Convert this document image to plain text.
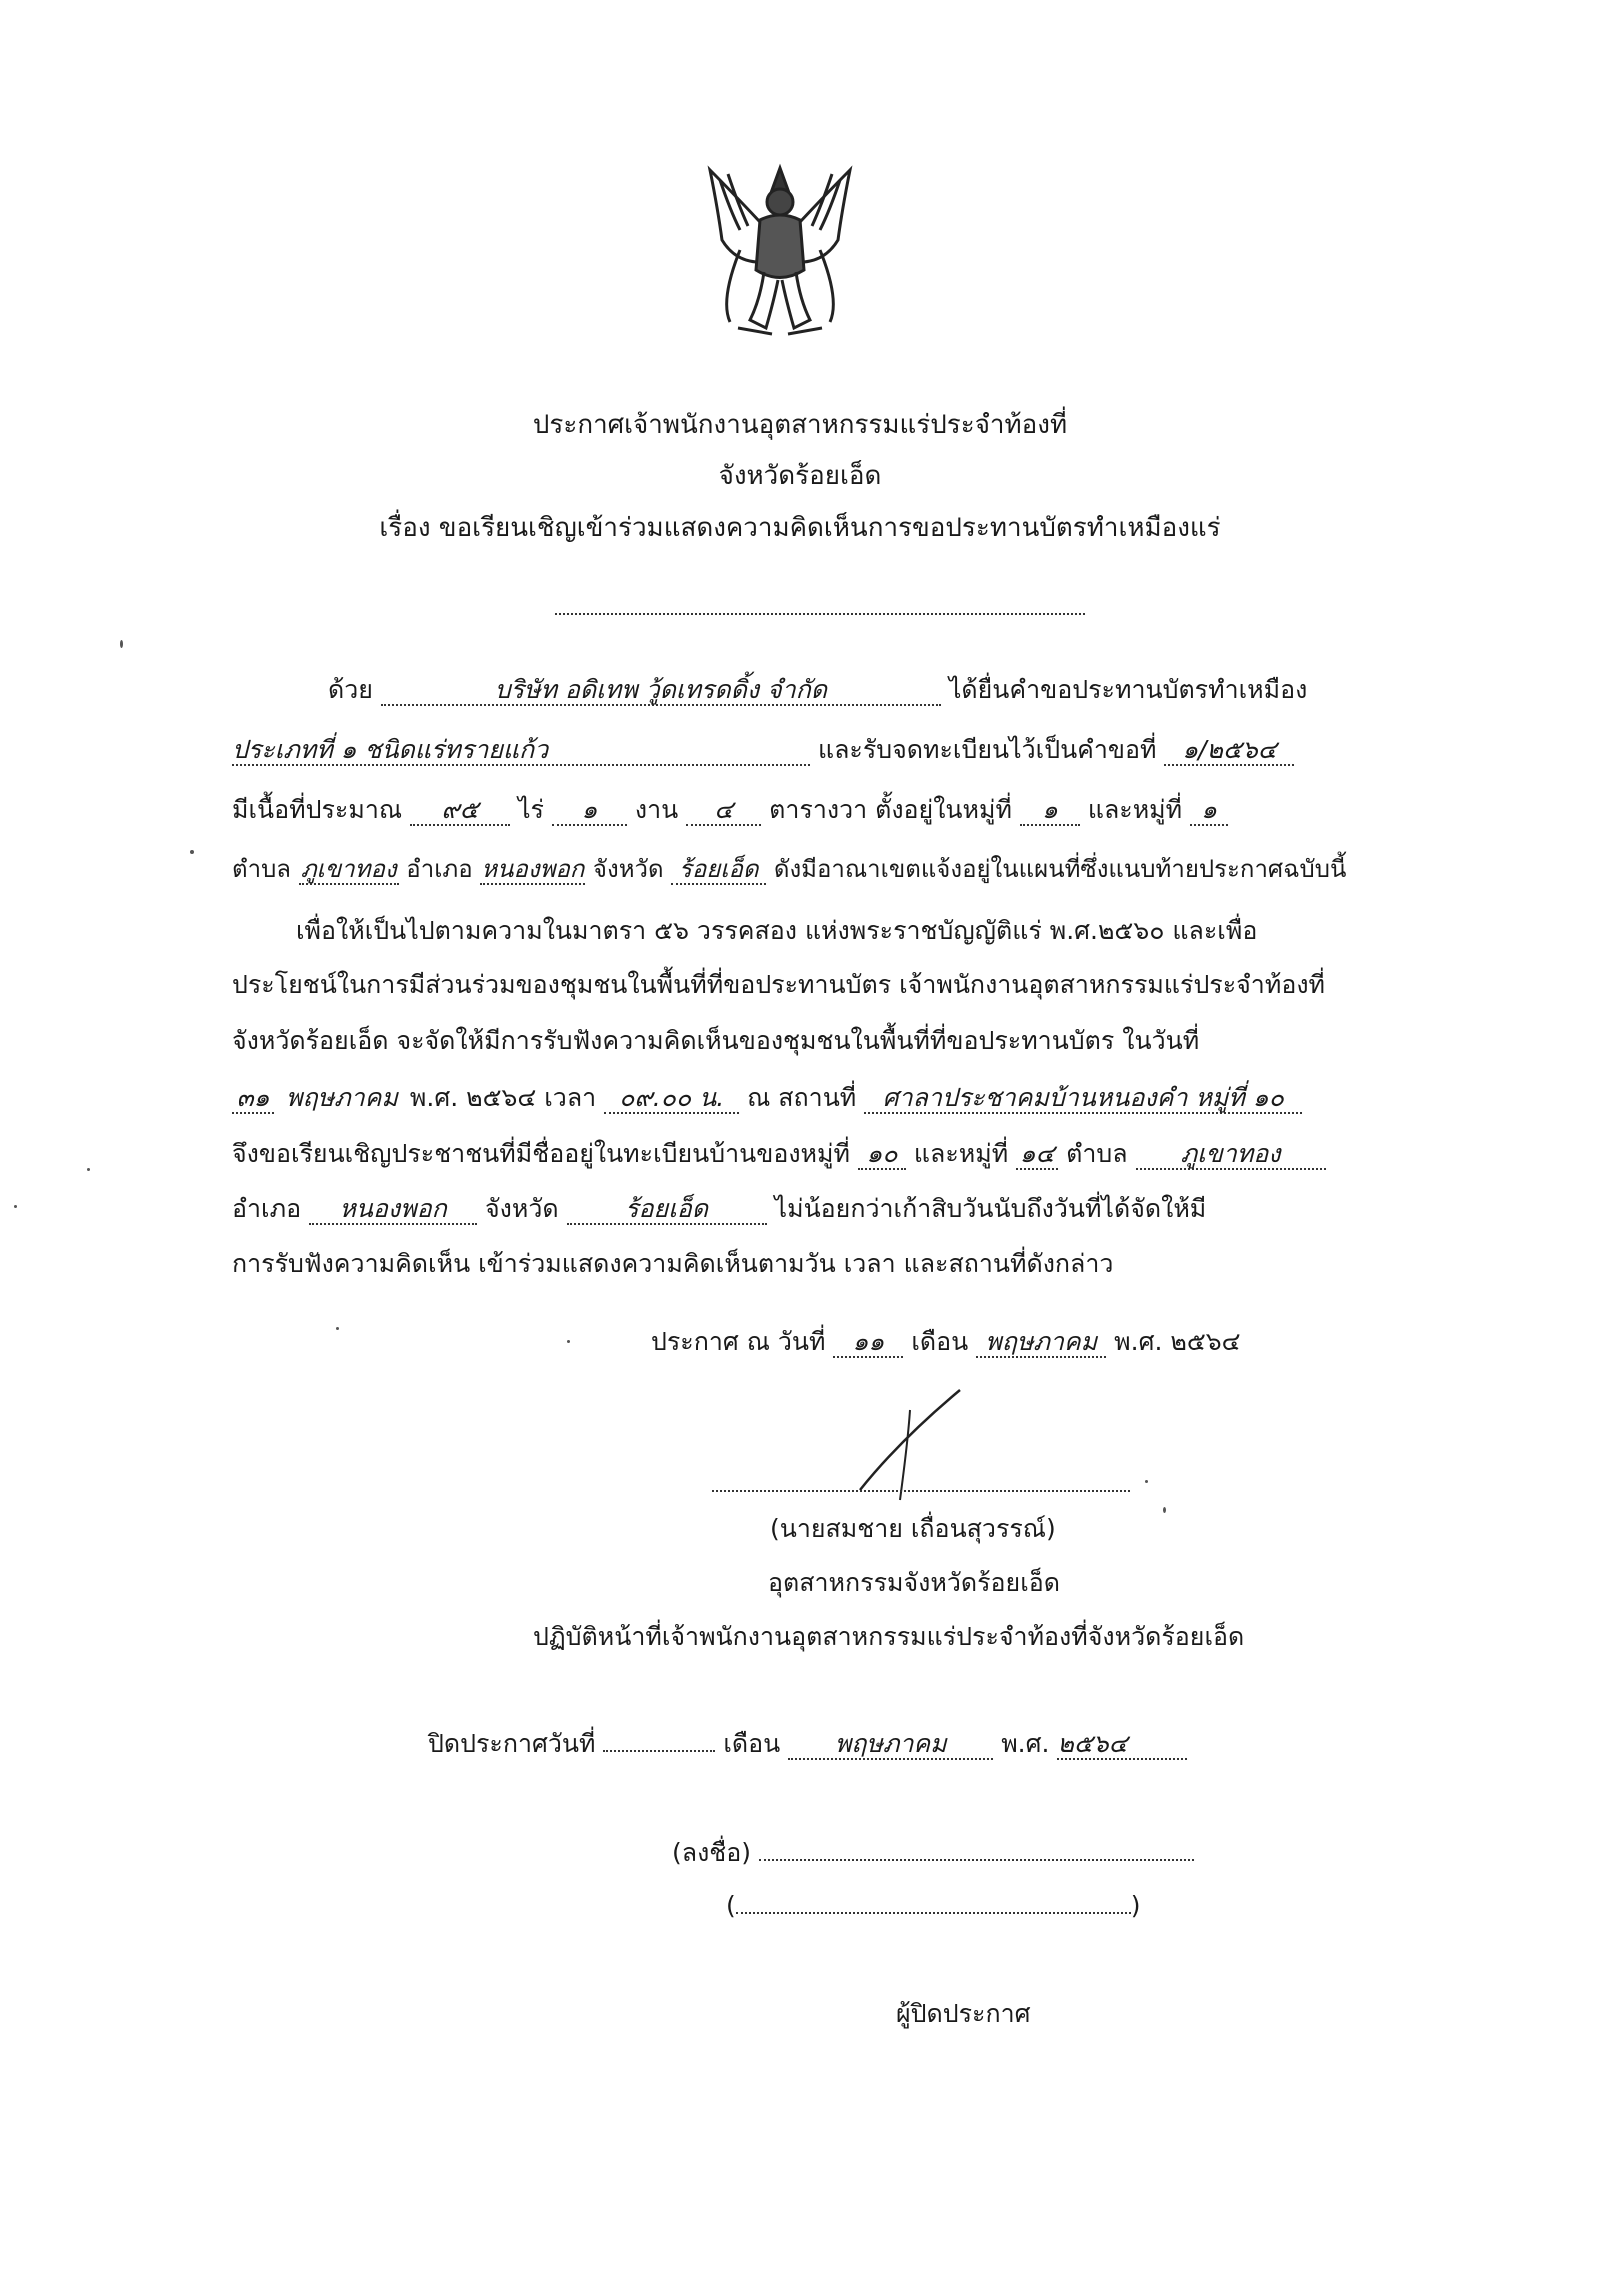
ประกาศเจ้าพนักงานอุตสาหกรรมแร่ประจำท้องที่
จังหวัดร้อยเอ็ด
เรื่อง ขอเรียนเชิญเข้าร่วมแสดงความคิดเห็นการขอประทานบัตรทำเหมืองแร่
ด้วย	บริษัท อดิเทพ วู้ดเทรดดิ้ง จำกัด	ได้ยื่นคำขอประทานบัตรทำเหมือง
ประเภทที่ ๑ ชนิดแร่ทรายแก้ว	และรับจดทะเบียนไว้เป็นคำขอที่ ๑/๒๕๖๔
มีเนื้อที่ประมาณ ๙๕ ไร่ ๑ งาน ๔ ตารางวา ตั้งอยู่ในหมู่ที่ ๑ และหมู่ที่ ๑
ตำบล ภูเขาทอง อำเภอ หนองพอก จังหวัด ร้อยเอ็ด ดังมีอาณาเขตแจ้งอยู่ในแผนที่ซึ่งแนบท้ายประกาศฉบับนี้
เพื่อให้เป็นไปตามความในมาตรา ๕๖ วรรคสอง แห่งพระราชบัญญัติแร่ พ.ศ.๒๕๖๐ และเพื่อ
ประโยชน์ในการมีส่วนร่วมของชุมชนในพื้นที่ที่ขอประทานบัตร เจ้าพนักงานอุตสาหกรรมแร่ประจำท้องที่
จังหวัดร้อยเอ็ด จะจัดให้มีการรับฟังความคิดเห็นของชุมชนในพื้นที่ที่ขอประทานบัตร ในวันที่
๓๑ พฤษภาคม พ.ศ. ๒๕๖๔ เวลา ๐๙.๐๐ น. ณ สถานที่ ศาลาประชาคมบ้านหนองคำ หมู่ที่ ๑๐
จึงขอเรียนเชิญประชาชนที่มีชื่ออยู่ในทะเบียนบ้านของหมู่ที่ ๑๐ และหมู่ที่ ๑๔ ตำบล ภูเขาทอง
อำเภอ หนองพอก จังหวัด	ร้อยเอ็ด	ไม่น้อยกว่าเก้าสิบวันนับถึงวันที่ได้จัดให้มี
การรับฟังความคิดเห็น เข้าร่วมแสดงความคิดเห็นตามวัน เวลา และสถานที่ดังกล่าว
ประกาศ ณ วันที่ ๑๑ เดือน พฤษภาคม พ.ศ. ๒๕๖๔
(นายสมชาย เถื่อนสุวรรณ์)
อุตสาหกรรมจังหวัดร้อยเอ็ด
ปฏิบัติหน้าที่เจ้าพนักงานอุตสาหกรรมแร่ประจำท้องที่จังหวัดร้อยเอ็ด
ปิดประกาศวันที่	เดือน พฤษภาคม พ.ศ. ๒๕๖๔
(ลงชื่อ)
(	)
ผู้ปิดประกาศ
